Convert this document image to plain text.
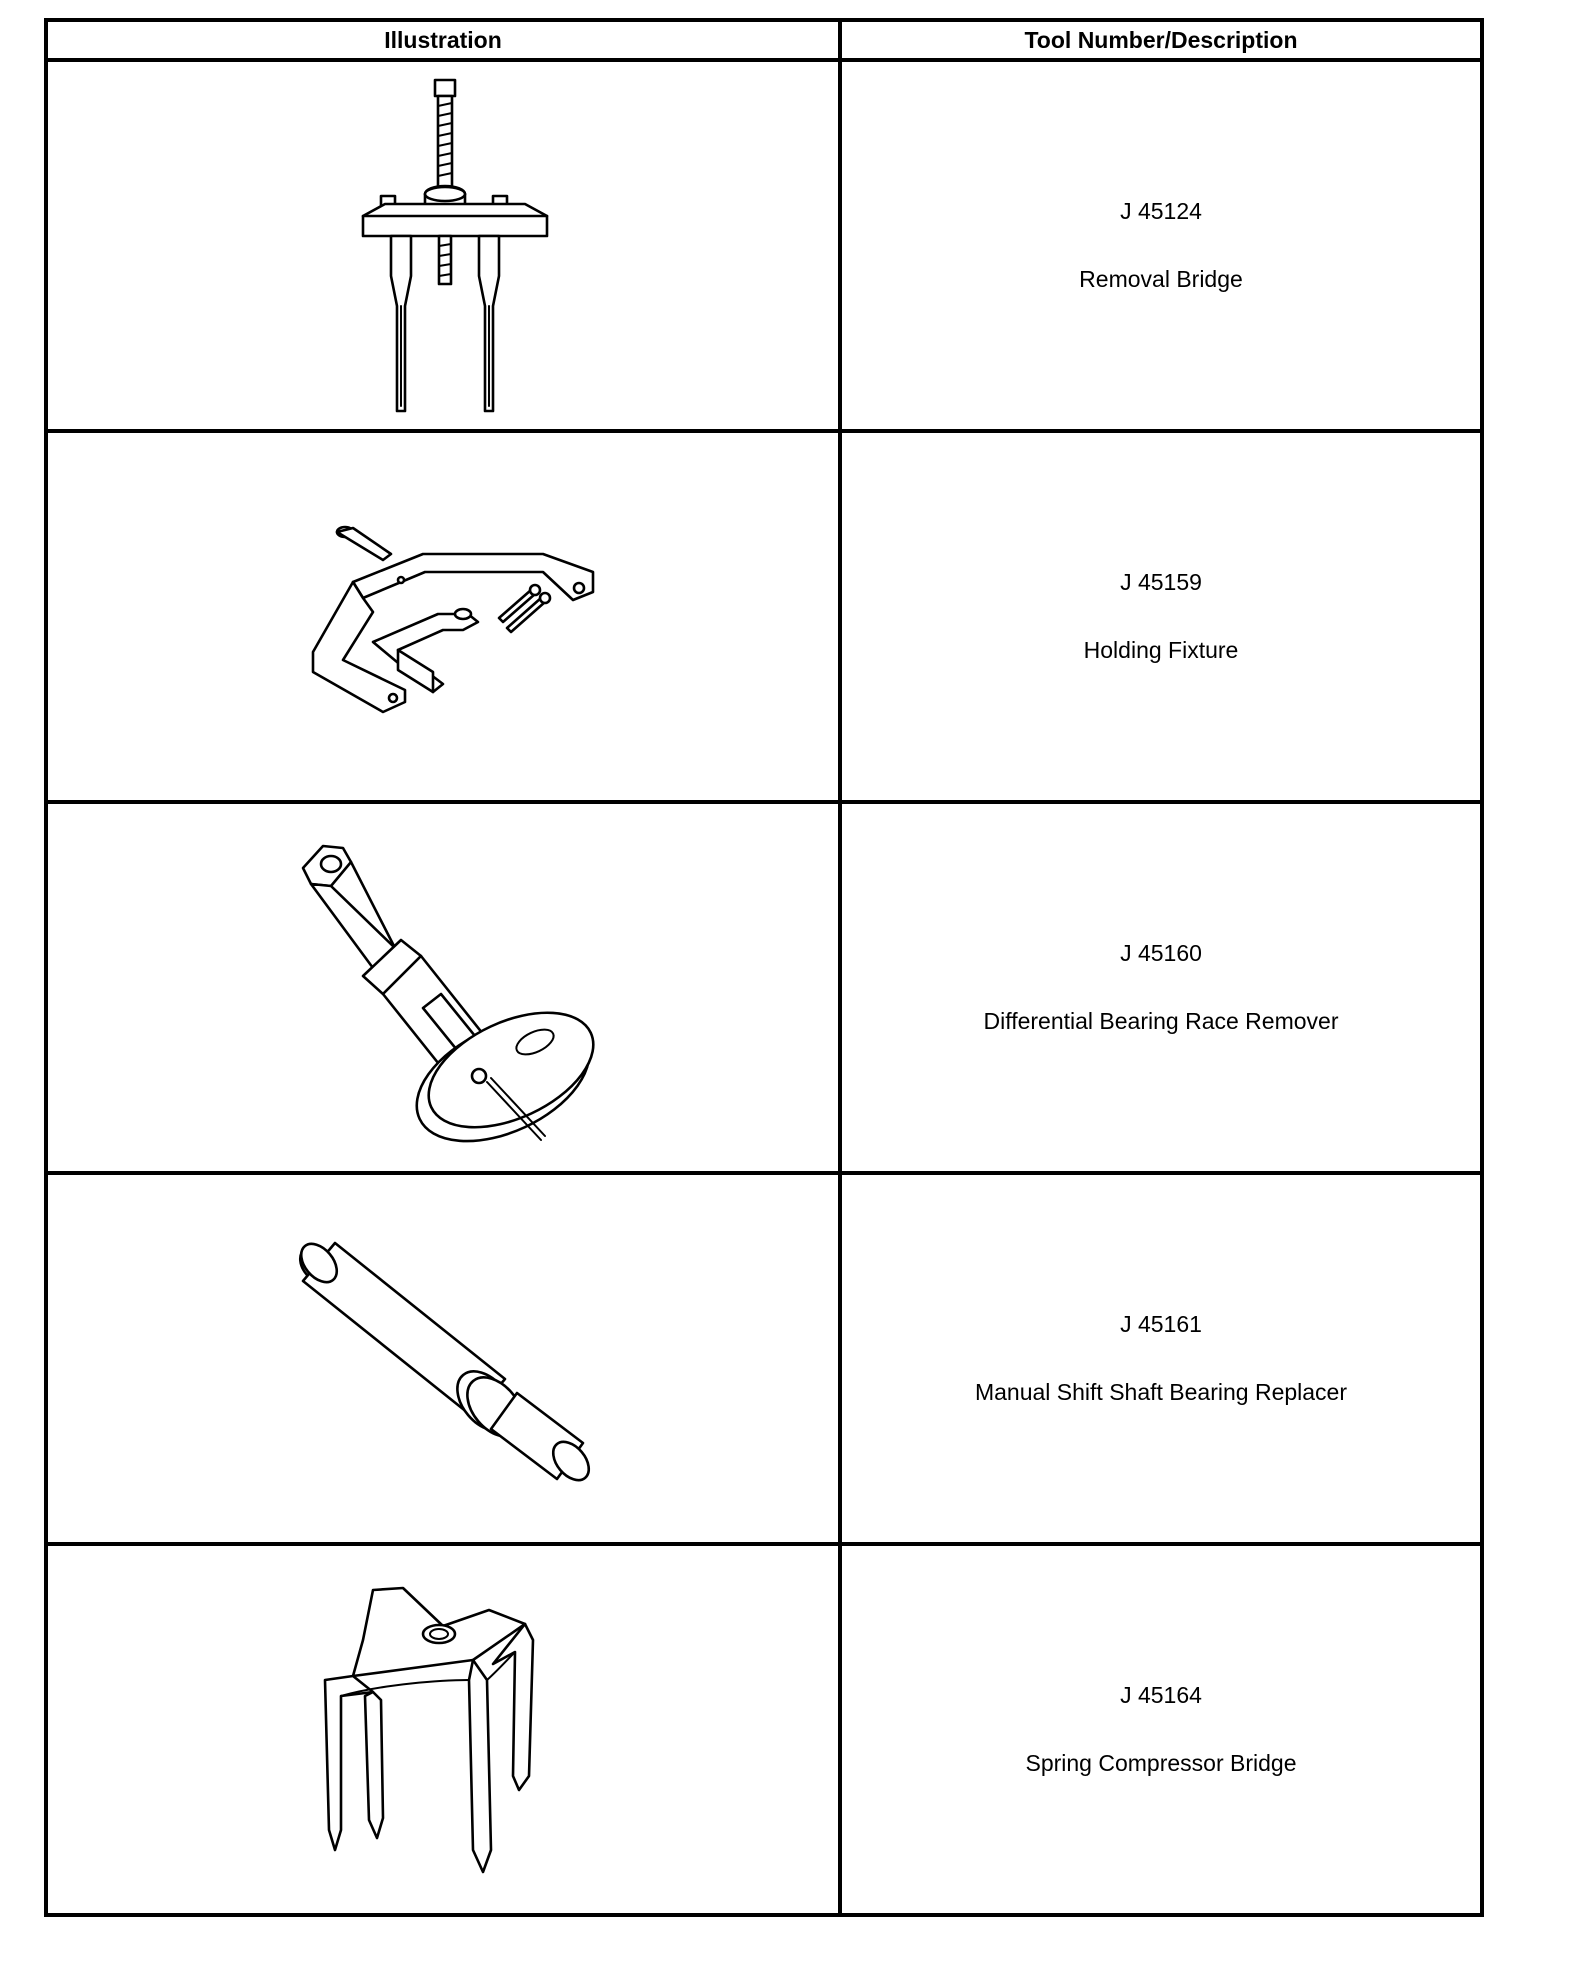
Illustration	Tool Number/Description

J 45124
Removal Bridge

J 45159
Holding Fixture

J 45160
Differential Bearing Race Remover

J 45161
Manual Shift Shaft Bearing Replacer

J 45164
Spring Compressor Bridge
